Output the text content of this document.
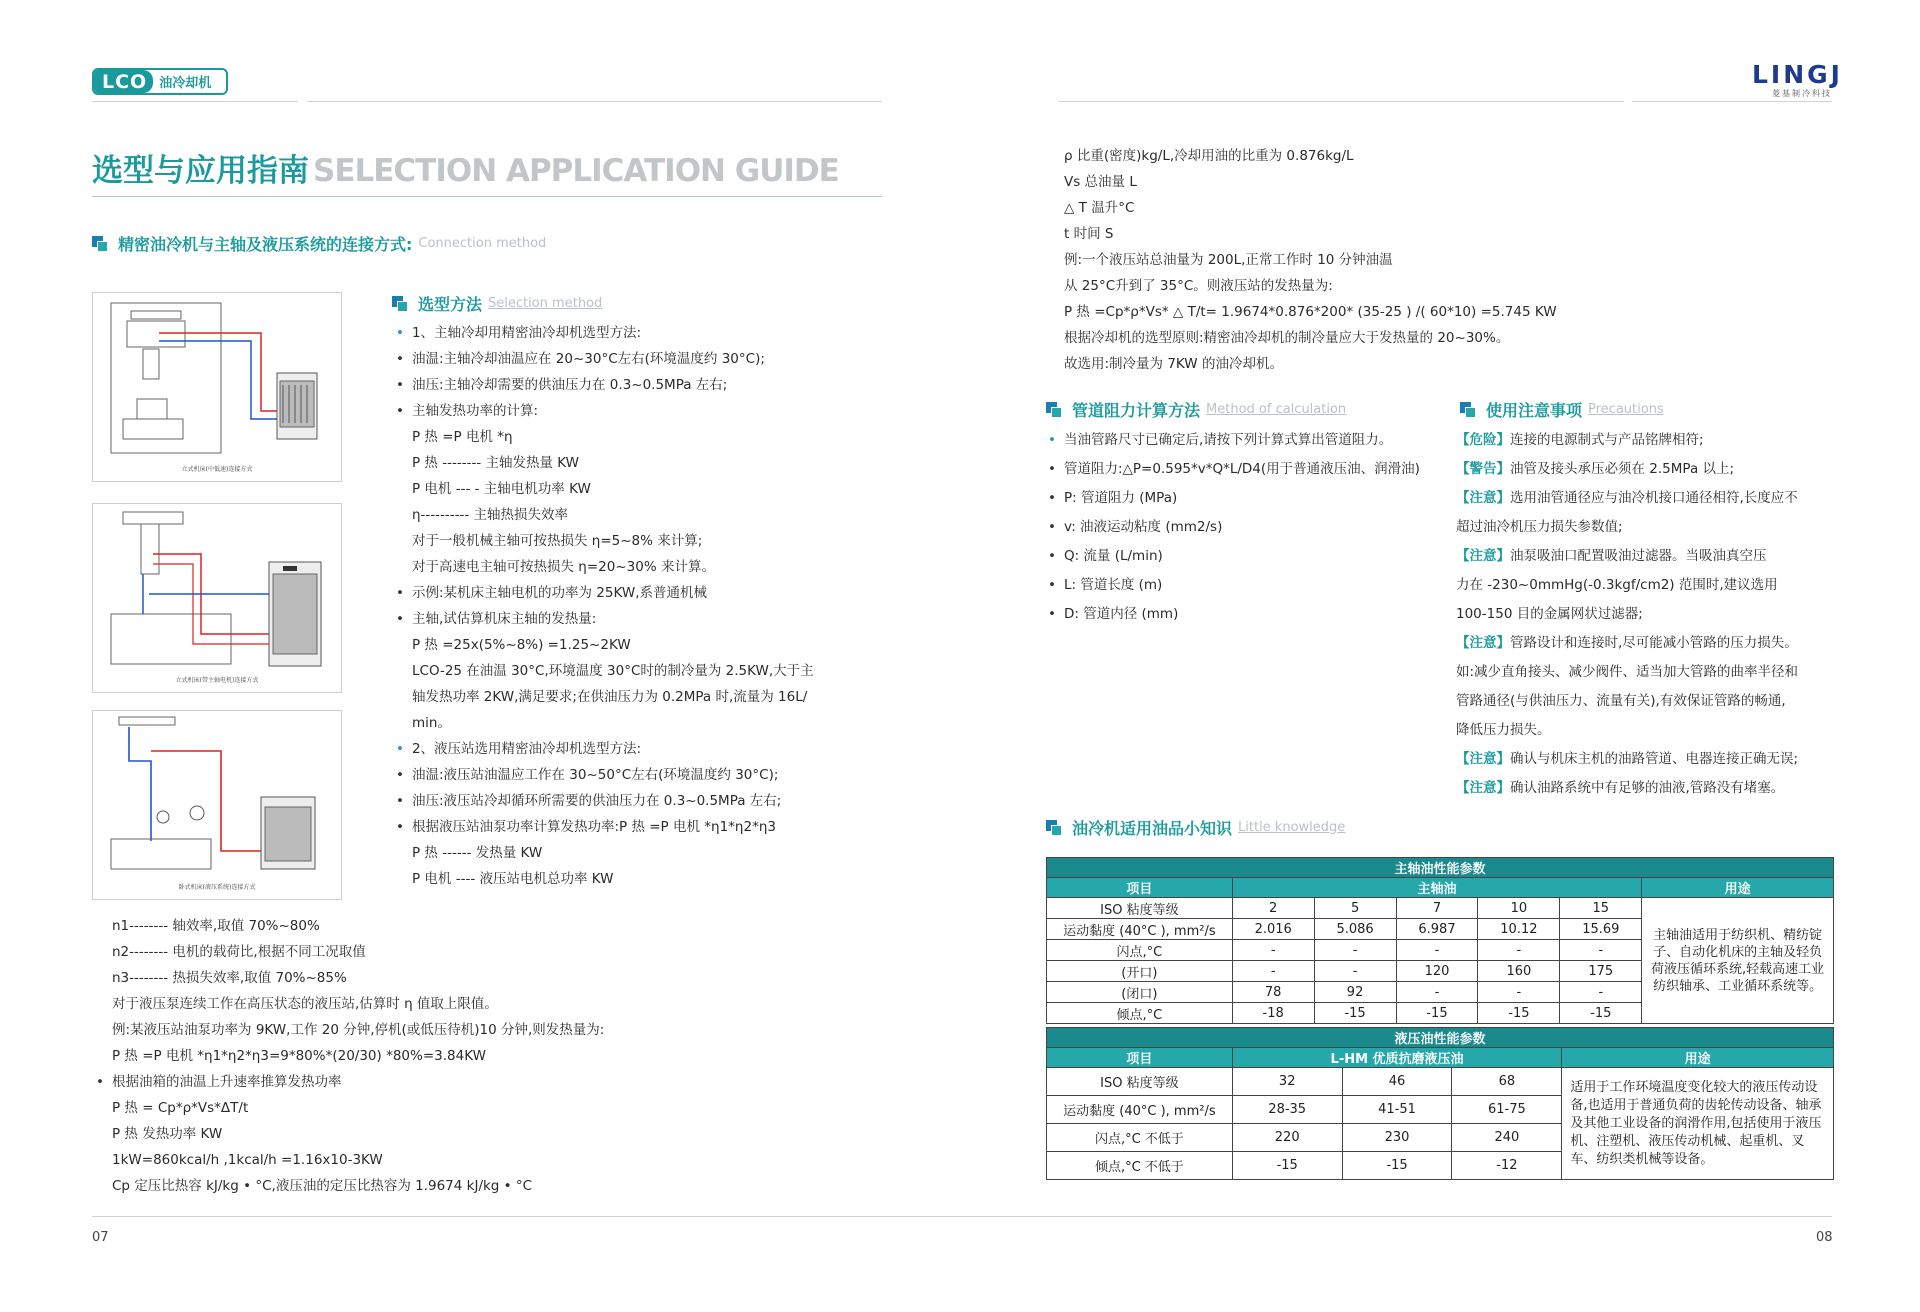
LCO 油冷却机	LINGJ
菱基制冷科技
选型与应用指南 SELECTION APPLICATION GUIDE
精密油冷机与主轴及液压系统的连接方式: Connection method
立式机床(中低速)连接方式
立式机床(带主轴电机)连接方式
卧式机床(液压系统)连接方式
选型方法 Selection method
• 1、主轴冷却用精密油冷却机选型方法:
• 油温:主轴冷却油温应在 20~30°C左右(环境温度约 30°C);
• 油压:主轴冷却需要的供油压力在 0.3~0.5MPa 左右;
• 主轴发热功率的计算:
P 热 =P 电机 *η
P 热 -------- 主轴发热量 KW
P 电机 --- - 主轴电机功率 KW
η---------- 主轴热损失效率
对于一般机械主轴可按热损失 η=5~8% 来计算;
对于高速电主轴可按热损失 η=20~30% 来计算。
• 示例:某机床主轴电机的功率为 25KW,系普通机械
• 主轴,试估算机床主轴的发热量:
P 热 =25x(5%~8%) =1.25~2KW
LCO-25 在油温 30°C,环境温度 30°C时的制冷量为 2.5KW,大于主
轴发热功率 2KW,满足要求;在供油压力为 0.2MPa 时,流量为 16L/
min。
• 2、液压站选用精密油冷却机选型方法:
• 油温:液压站油温应工作在 30~50°C左右(环境温度约 30°C);
• 油压:液压站冷却循环所需要的供油压力在 0.3~0.5MPa 左右;
• 根据液压站油泵功率计算发热功率:P 热 =P 电机 *η1*η2*η3
P 热 ------ 发热量 KW
P 电机 ---- 液压站电机总功率 KW
n1-------- 轴效率,取值 70%~80%
n2-------- 电机的载荷比,根据不同工况取值
n3-------- 热损失效率,取值 70%~85%
对于液压泵连续工作在高压状态的液压站,估算时 η 值取上限值。
例:某液压站油泵功率为 9KW,工作 20 分钟,停机(或低压待机)10 分钟,则发热量为:
P 热 =P 电机 *η1*η2*η3=9*80%*(20/30) *80%=3.84KW
• 根据油箱的油温上升速率推算发热功率
P 热 = Cp*ρ*Vs*ΔT/t
P 热 发热功率 KW
1kW=860kcal/h ,1kcal/h =1.16x10-3KW
Cp 定压比热容 kJ/kg • °C,液压油的定压比热容为 1.9674 kJ/kg • °C
ρ 比重(密度)kg/L,冷却用油的比重为 0.876kg/L
Vs 总油量 L
△ T 温升°C
t 时间 S
例:一个液压站总油量为 200L,正常工作时 10 分钟油温
从 25°C升到了 35°C。则液压站的发热量为:
P 热 =Cp*ρ*Vs* △ T/t= 1.9674*0.876*200* (35-25 ) /( 60*10) =5.745 KW
根据冷却机的选型原则:精密油冷却机的制冷量应大于发热量的 20~30%。
故选用:制冷量为 7KW 的油冷却机。
管道阻力计算方法 Method of calculation
• 当油管路尺寸已确定后,请按下列计算式算出管道阻力。
• 管道阻力:△P=0.595*v*Q*L/D4(用于普通液压油、润滑油)
• P: 管道阻力 (MPa)
• v: 油液运动粘度 (mm2/s)
• Q: 流量 (L/min)
• L: 管道长度 (m)
• D: 管道内径 (mm)
使用注意事项 Precautions
【危险】连接的电源制式与产品铭牌相符;
【警告】油管及接头承压必须在 2.5MPa 以上;
【注意】选用油管通径应与油冷机接口通径相符,长度应不
超过油冷机压力损失参数值;
【注意】油泵吸油口配置吸油过滤器。当吸油真空压
力在 -230~0mmHg(-0.3kgf/cm2) 范围时,建议选用
100-150 目的金属网状过滤器;
【注意】管路设计和连接时,尽可能减小管路的压力损失。
如:减少直角接头、减少阀件、适当加大管路的曲率半径和
管路通径(与供油压力、流量有关),有效保证管路的畅通,
降低压力损失。
【注意】确认与机床主机的油路管道、电器连接正确无误;
【注意】确认油路系统中有足够的油液,管路没有堵塞。
油冷机适用油品小知识 Little knowledge
主轴油性能参数						
项目	主轴油					用途
ISO 粘度等级	2	5	7	10	15	主轴油适用于纺织机、精纺锭子、自动化机床的主轴及轻负荷液压循环系统,轻载高速工业纺织轴承、工业循环系统等。
运动黏度 (40°C ), mm²/s	2.016	5.086	6.987	10.12	15.69	
闪点,°C	-	-	-	-	-	
(开口)	-	-	120	160	175	
(闭口)	78	92	-	-	-	
倾点,°C	-18	-15	-15	-15	-15	
液压油性能参数				
项目	L-HM 优质抗磨液压油			用途
ISO 粘度等级	32	46	68	适用于工作环境温度变化较大的液压传动设备,也适用于普通负荷的齿轮传动设备、轴承及其他工业设备的润滑作用,包括使用于液压机、注塑机、液压传动机械、起重机、叉车、纺织类机械等设备。
运动黏度 (40°C ), mm²/s	28-35	41-51	61-75	
闪点,°C 不低于	220	230	240	
倾点,°C 不低于	-15	-15	-12	
07	08
